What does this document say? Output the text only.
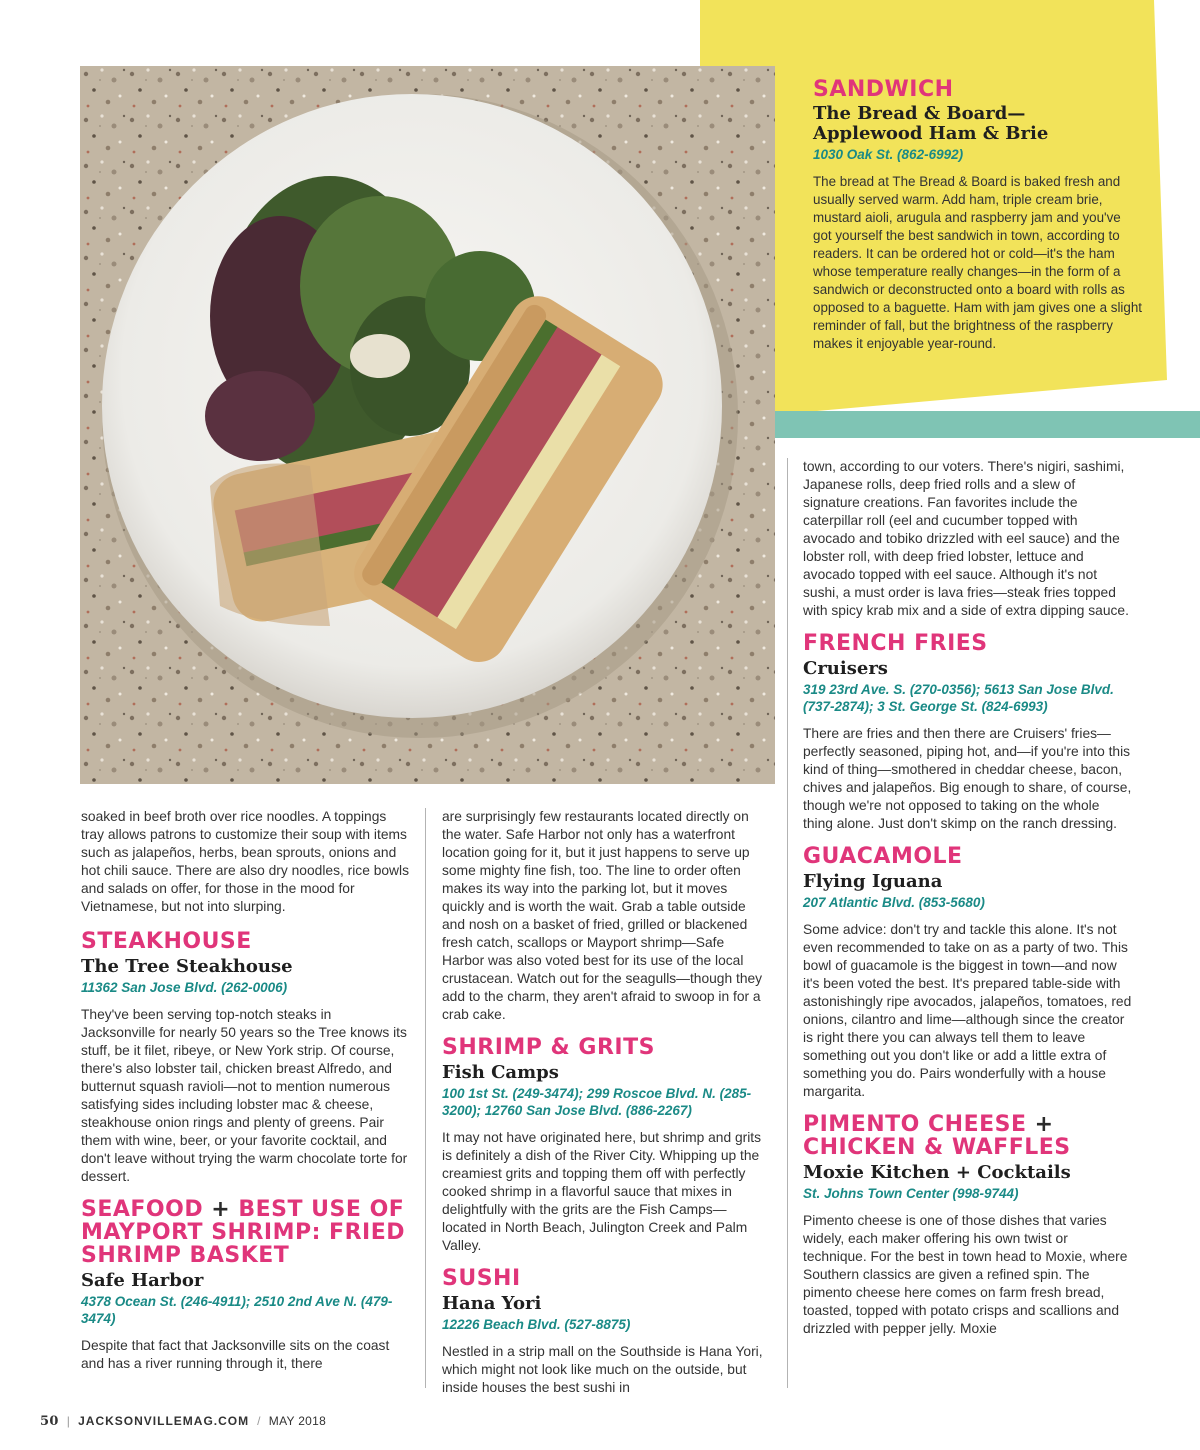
SANDWICH
The Bread & Board—
Applewood Ham & Brie
1030 Oak St. (862-6992)
The bread at The Bread & Board is baked fresh and usually served warm. Add ham, triple cream brie, mustard aioli, arugula and raspberry jam and you've got yourself the best sandwich in town, according to readers. It can be ordered hot or cold—it's the ham whose temperature really changes—in the form of a sandwich or deconstructed onto a board with rolls as opposed to a baguette. Ham with jam gives one a slight reminder of fall, but the brightness of the raspberry makes it enjoyable year-round.
soaked in beef broth over rice noodles. A toppings tray allows patrons to customize their soup with items such as jalapeños, herbs, bean sprouts, onions and hot chili sauce. There are also dry noodles, rice bowls and salads on offer, for those in the mood for Vietnamese, but not into slurping.
STEAKHOUSE
The Tree Steakhouse
11362 San Jose Blvd. (262-0006)
They've been serving top-notch steaks in Jacksonville for nearly 50 years so the Tree knows its stuff, be it filet, ribeye, or New York strip. Of course, there's also lobster tail, chicken breast Alfredo, and butternut squash ravioli—not to mention numerous satisfying sides including lobster mac & cheese, steakhouse onion rings and plenty of greens. Pair them with wine, beer, or your favorite cocktail, and don't leave without trying the warm chocolate torte for dessert.
SEAFOOD + BEST USE OF MAYPORT SHRIMP: FRIED SHRIMP BASKET
Safe Harbor
4378 Ocean St. (246-4911); 2510 2nd Ave N. (479-3474)
Despite that fact that Jacksonville sits on the coast and has a river running through it, there
are surprisingly few restaurants located directly on the water. Safe Harbor not only has a waterfront location going for it, but it just happens to serve up some mighty fine fish, too. The line to order often makes its way into the parking lot, but it moves quickly and is worth the wait. Grab a table outside and nosh on a basket of fried, grilled or blackened fresh catch, scallops or Mayport shrimp—Safe Harbor was also voted best for its use of the local crustacean. Watch out for the seagulls—though they add to the charm, they aren't afraid to swoop in for a crab cake.
SHRIMP & GRITS
Fish Camps
100 1st St. (249-3474); 299 Roscoe Blvd. N. (285-3200); 12760 San Jose Blvd. (886-2267)
It may not have originated here, but shrimp and grits is definitely a dish of the River City. Whipping up the creamiest grits and topping them off with perfectly cooked shrimp in a flavorful sauce that mixes in delightfully with the grits are the Fish Camps—located in North Beach, Julington Creek and Palm Valley.
SUSHI
Hana Yori
12226 Beach Blvd. (527-8875)
Nestled in a strip mall on the Southside is Hana Yori, which might not look like much on the outside, but inside houses the best sushi in
town, according to our voters. There's nigiri, sashimi, Japanese rolls, deep fried rolls and a slew of signature creations. Fan favorites include the caterpillar roll (eel and cucumber topped with avocado and tobiko drizzled with eel sauce) and the lobster roll, with deep fried lobster, lettuce and avocado topped with eel sauce. Although it's not sushi, a must order is lava fries—steak fries topped with spicy krab mix and a side of extra dipping sauce.
FRENCH FRIES
Cruisers
319 23rd Ave. S. (270-0356); 5613 San Jose Blvd. (737-2874); 3 St. George St. (824-6993)
There are fries and then there are Cruisers' fries—perfectly seasoned, piping hot, and—if you're into this kind of thing—smothered in cheddar cheese, bacon, chives and jalapeños. Big enough to share, of course, though we're not opposed to taking on the whole thing alone. Just don't skimp on the ranch dressing.
GUACAMOLE
Flying Iguana
207 Atlantic Blvd. (853-5680)
Some advice: don't try and tackle this alone. It's not even recommended to take on as a party of two. This bowl of guacamole is the biggest in town—and now it's been voted the best. It's prepared table-side with astonishingly ripe avocados, jalapeños, tomatoes, red onions, cilantro and lime—although since the creator is right there you can always tell them to leave something out you don't like or add a little extra of something you do. Pairs wonderfully with a house margarita.
PIMENTO CHEESE +
CHICKEN & WAFFLES
Moxie Kitchen + Cocktails
St. Johns Town Center (998-9744)
Pimento cheese is one of those dishes that varies widely, each maker offering his own twist or technique. For the best in town head to Moxie, where Southern classics are given a refined spin. The pimento cheese here comes on farm fresh bread, toasted, topped with potato crisps and scallions and drizzled with pepper jelly. Moxie
50 | JACKSONVILLEMAG.COM / MAY 2018
